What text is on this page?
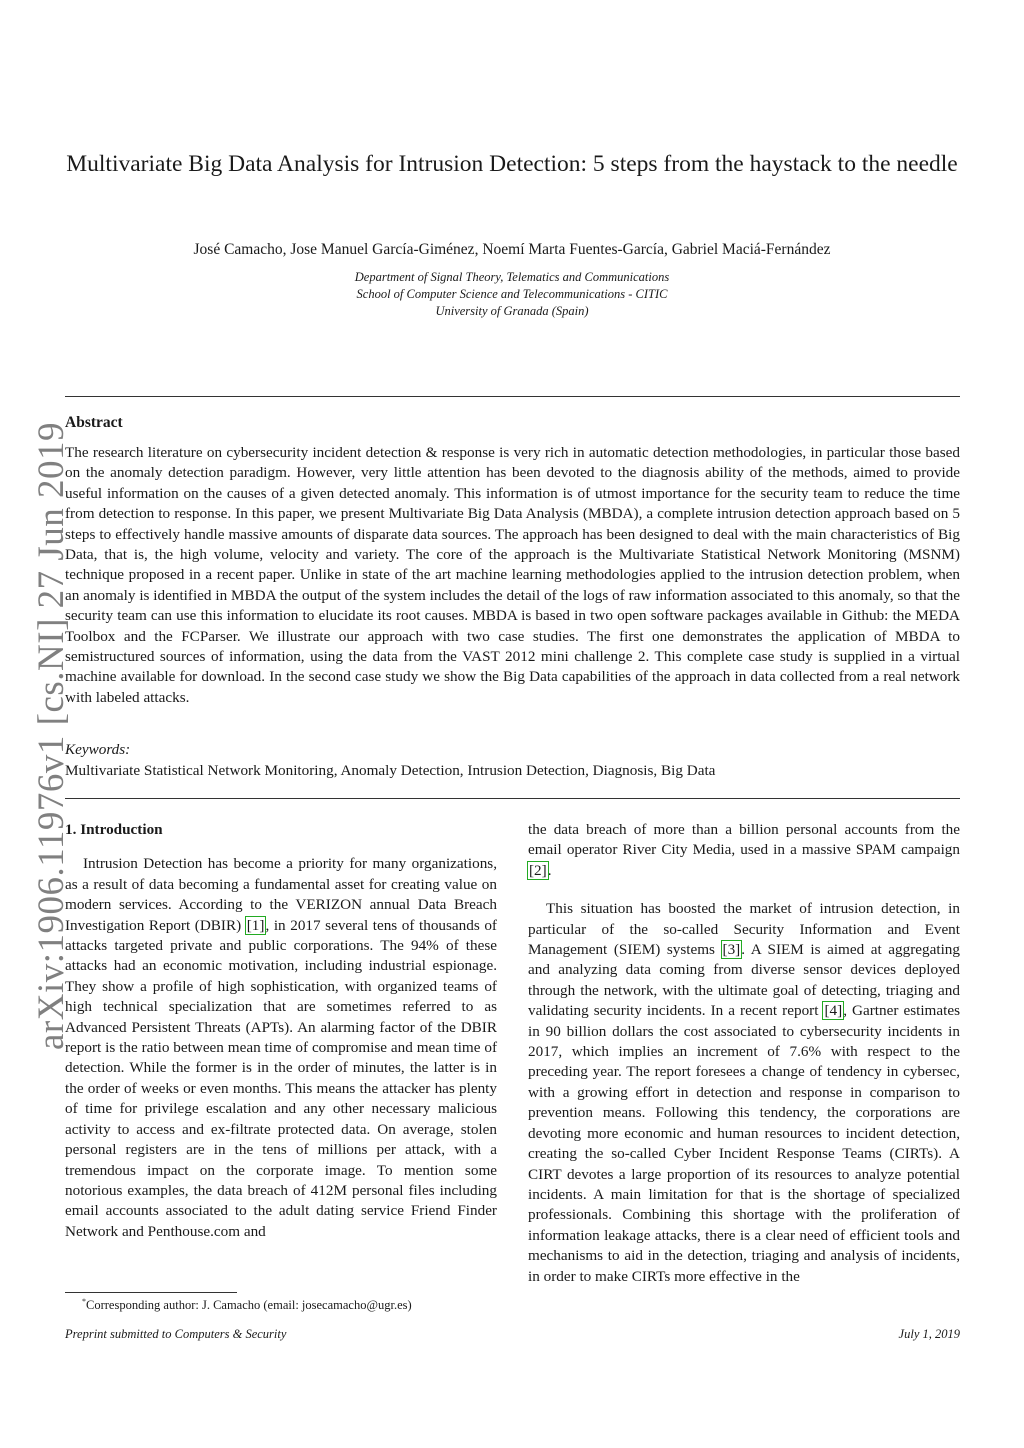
arXiv:1906.11976v1 [cs.NI] 27 Jun 2019
Multivariate Big Data Analysis for Intrusion Detection: 5 steps from the haystack to the needle
José Camacho, Jose Manuel García-Giménez, Noemí Marta Fuentes-García, Gabriel Maciá-Fernández
Department of Signal Theory, Telematics and Communications
School of Computer Science and Telecommunications - CITIC
University of Granada (Spain)
Abstract

The research literature on cybersecurity incident detection & response is very rich in automatic detection methodologies, in particular those based on the anomaly detection paradigm. However, very little attention has been devoted to the diagnosis ability of the methods, aimed to provide useful information on the causes of a given detected anomaly. This information is of utmost importance for the security team to reduce the time from detection to response. In this paper, we present Multivariate Big Data Analysis (MBDA), a complete intrusion detection approach based on 5 steps to effectively handle massive amounts of disparate data sources. The approach has been designed to deal with the main characteristics of Big Data, that is, the high volume, velocity and variety. The core of the approach is the Multivariate Statistical Network Monitoring (MSNM) technique proposed in a recent paper. Unlike in state of the art machine learning methodologies applied to the intrusion detection problem, when an anomaly is identified in MBDA the output of the system includes the detail of the logs of raw information associated to this anomaly, so that the security team can use this information to elucidate its root causes. MBDA is based in two open software packages available in Github: the MEDA Toolbox and the FCParser. We illustrate our approach with two case studies. The first one demonstrates the application of MBDA to semistructured sources of information, using the data from the VAST 2012 mini challenge 2. This complete case study is supplied in a virtual machine available for download. In the second case study we show the Big Data capabilities of the approach in data collected from a real network with labeled attacks.

Keywords:
Multivariate Statistical Network Monitoring, Anomaly Detection, Intrusion Detection, Diagnosis, Big Data
1. Introduction

Intrusion Detection has become a priority for many organizations, as a result of data becoming a fundamental asset for creating value on modern services. According to the VERIZON annual Data Breach Investigation Report (DBIR) [1], in 2017 several tens of thousands of attacks targeted private and public corporations. The 94% of these attacks had an economic motivation, including industrial espionage. They show a profile of high sophistication, with organized teams of high technical specialization that are sometimes referred to as Advanced Persistent Threats (APTs). An alarming factor of the DBIR report is the ratio between mean time of compromise and mean time of detection. While the former is in the order of minutes, the latter is in the order of weeks or even months. This means the attacker has plenty of time for privilege escalation and any other necessary malicious activity to access and ex-filtrate protected data. On average, stolen personal registers are in the tens of millions per attack, with a tremendous impact on the corporate image. To mention some notorious examples, the data breach of 412M personal files including email accounts associated to the adult dating service Friend Finder Network and Penthouse.com and

the data breach of more than a billion personal accounts from the email operator River City Media, used in a massive SPAM campaign [2].

This situation has boosted the market of intrusion detection, in particular of the so-called Security Information and Event Management (SIEM) systems [3]. A SIEM is aimed at aggregating and analyzing data coming from diverse sensor devices deployed through the network, with the ultimate goal of detecting, triaging and validating security incidents. In a recent report [4], Gartner estimates in 90 billion dollars the cost associated to cybersecurity incidents in 2017, which implies an increment of 7.6% with respect to the preceding year. The report foresees a change of tendency in cybersec, with a growing effort in detection and response in comparison to prevention means. Following this tendency, the corporations are devoting more economic and human resources to incident detection, creating the so-called Cyber Incident Response Teams (CIRTs). A CIRT devotes a large proportion of its resources to analyze potential incidents. A main limitation for that is the shortage of specialized professionals. Combining this shortage with the proliferation of information leakage attacks, there is a clear need of efficient tools and mechanisms to aid in the detection, triaging and analysis of incidents, in order to make CIRTs more effective in the

*Corresponding author: J. Camacho (email: josecamacho@ugr.es)
Preprint submitted to Computers & Security	July 1, 2019
